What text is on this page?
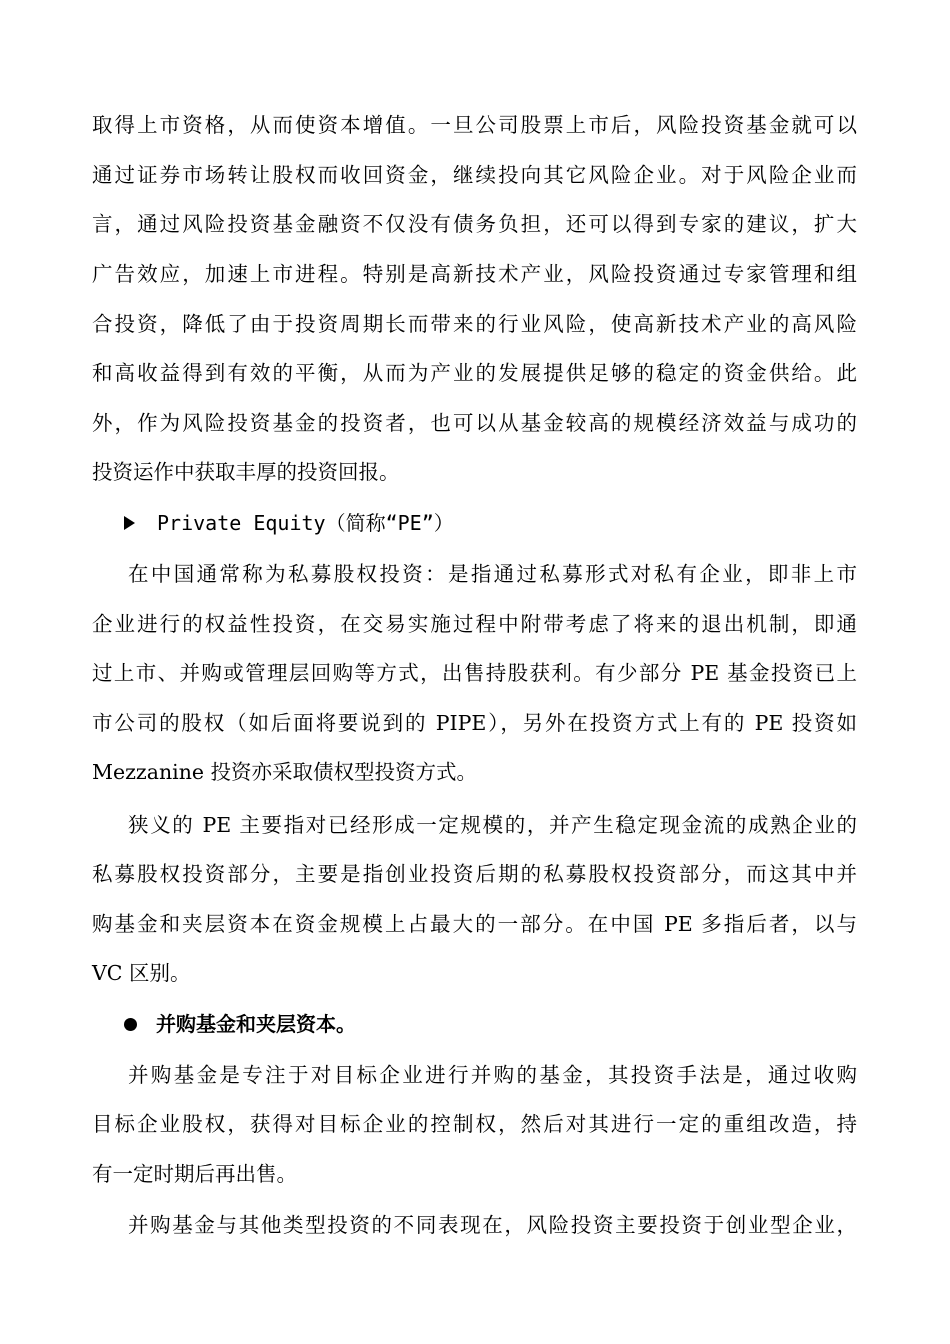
取得上市资格，从而使资本增值。一旦公司股票上市后，风险投资基金就可以
通过证券市场转让股权而收回资金，继续投向其它风险企业。对于风险企业而
言，通过风险投资基金融资不仅没有债务负担，还可以得到专家的建议，扩大
广告效应，加速上市进程。特别是高新技术产业，风险投资通过专家管理和组
合投资，降低了由于投资周期长而带来的行业风险，使高新技术产业的高风险
和高收益得到有效的平衡，从而为产业的发展提供足够的稳定的资金供给。此
外，作为风险投资基金的投资者，也可以从基金较高的规模经济效益与成功的
投资运作中获取丰厚的投资回报。
Private Equity（简称“PE”）
在中国通常称为私募股权投资：是指通过私募形式对私有企业，即非上市
企业进行的权益性投资，在交易实施过程中附带考虑了将来的退出机制，即通
过上市、并购或管理层回购等方式，出售持股获利。有少部分 PE 基金投资已上
市公司的股权（如后面将要说到的 PIPE），另外在投资方式上有的 PE 投资如
Mezzanine 投资亦采取债权型投资方式。
狭义的 PE 主要指对已经形成一定规模的，并产生稳定现金流的成熟企业的
私募股权投资部分，主要是指创业投资后期的私募股权投资部分，而这其中并
购基金和夹层资本在资金规模上占最大的一部分。在中国 PE 多指后者，以与
VC 区别。
并购基金和夹层资本。
并购基金是专注于对目标企业进行并购的基金，其投资手法是，通过收购
目标企业股权，获得对目标企业的控制权，然后对其进行一定的重组改造，持
有一定时期后再出售。
并购基金与其他类型投资的不同表现在，风险投资主要投资于创业型企业，
